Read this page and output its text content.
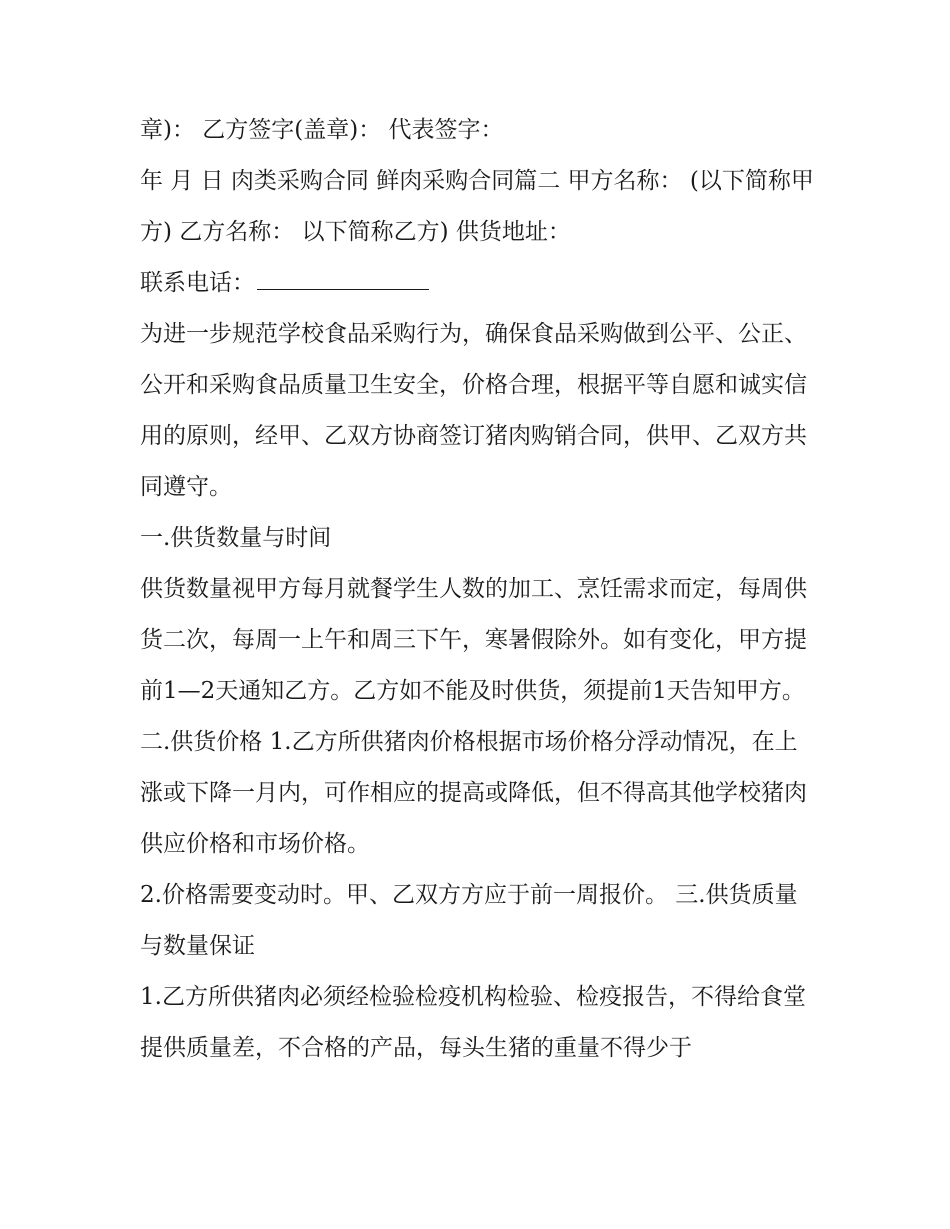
章)： 乙方签字(盖章)： 代表签字：

年 月 日 肉类采购合同 鲜肉采购合同篇二 甲方名称： (以下简称甲方) 乙方名称： 以下简称乙方) 供货地址：

联系电话：

为进一步规范学校食品采购行为，确保食品采购做到公平、公正、公开和采购食品质量卫生安全，价格合理，根据平等自愿和诚实信用的原则，经甲、乙双方协商签订猪肉购销合同，供甲、乙双方共同遵守。

一.供货数量与时间

供货数量视甲方每月就餐学生人数的加工、烹饪需求而定，每周供货二次，每周一上午和周三下午，寒暑假除外。如有变化，甲方提前1—2天通知乙方。乙方如不能及时供货，须提前1天告知甲方。

二.供货价格 1.乙方所供猪肉价格根据市场价格分浮动情况，在上涨或下降一月内，可作相应的提高或降低，但不得高其他学校猪肉供应价格和市场价格。

2.价格需要变动时。甲、乙双方方应于前一周报价。 三.供货质量与数量保证

1.乙方所供猪肉必须经检验检疫机构检验、检疫报告，不得给食堂提供质量差，不合格的产品，每头生猪的重量不得少于
